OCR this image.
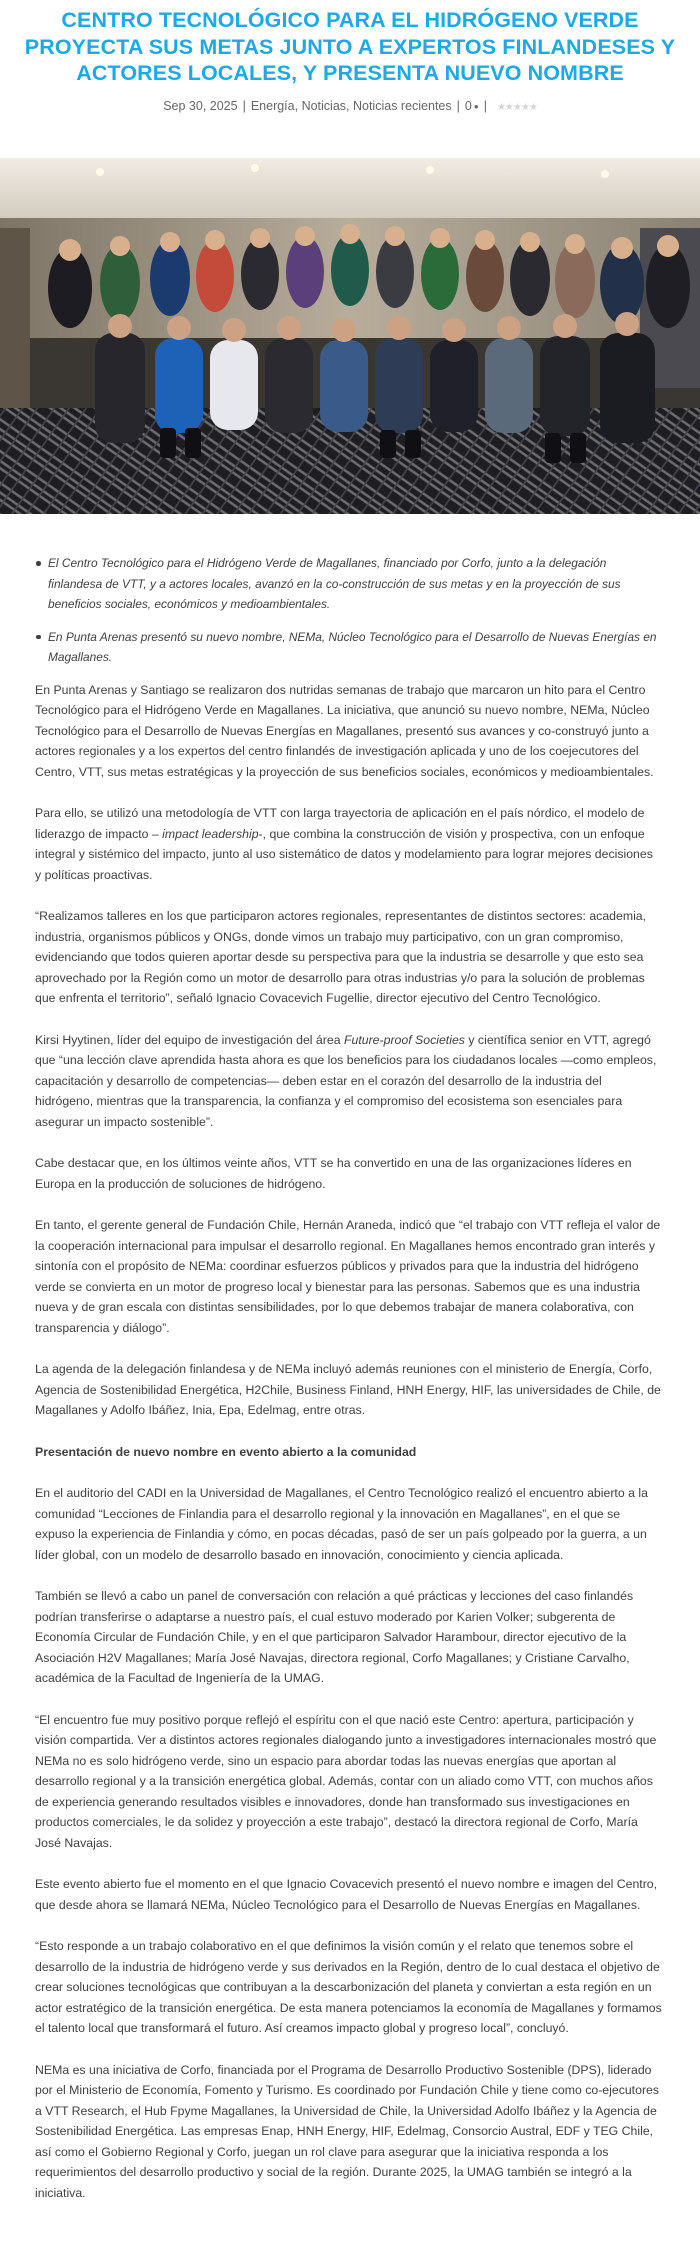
CENTRO TECNOLÓGICO PARA EL HIDRÓGENO VERDE PROYECTA SUS METAS JUNTO A EXPERTOS FINLANDESES Y ACTORES LOCALES, Y PRESENTA NUEVO NOMBRE
Sep 30, 2025 | Energía, Noticias, Noticias recientes | 0 ● | ★★★★★
El Centro Tecnológico para el Hidrógeno Verde de Magallanes, financiado por Corfo, junto a la delegación finlandesa de VTT, y a actores locales, avanzó en la co-construcción de sus metas y en la proyección de sus beneficios sociales, económicos y medioambientales.
En Punta Arenas presentó su nuevo nombre, NEMa, Núcleo Tecnológico para el Desarrollo de Nuevas Energías en Magallanes.

En Punta Arenas y Santiago se realizaron dos nutridas semanas de trabajo que marcaron un hito para el Centro Tecnológico para el Hidrógeno Verde en Magallanes. La iniciativa, que anunció su nuevo nombre, NEMa, Núcleo Tecnológico para el Desarrollo de Nuevas Energías en Magallanes, presentó sus avances y co-construyó junto a actores regionales y a los expertos del centro finlandés de investigación aplicada y uno de los coejecutores del Centro, VTT, sus metas estratégicas y la proyección de sus beneficios sociales, económicos y medioambientales.

Para ello, se utilizó una metodología de VTT con larga trayectoria de aplicación en el país nórdico, el modelo de liderazgo de impacto – impact leadership-, que combina la construcción de visión y prospectiva, con un enfoque integral y sistémico del impacto, junto al uso sistemático de datos y modelamiento para lograr mejores decisiones y políticas proactivas.

“Realizamos talleres en los que participaron actores regionales, representantes de distintos sectores: academia, industria, organismos públicos y ONGs, donde vimos un trabajo muy participativo, con un gran compromiso, evidenciando que todos quieren aportar desde su perspectiva para que la industria se desarrolle y que esto sea aprovechado por la Región como un motor de desarrollo para otras industrias y/o para la solución de problemas que enfrenta el territorio”, señaló Ignacio Covacevich Fugellie, director ejecutivo del Centro Tecnológico.

Kirsi Hyytinen, líder del equipo de investigación del área Future-proof Societies y científica senior en VTT, agregó que “una lección clave aprendida hasta ahora es que los beneficios para los ciudadanos locales —como empleos, capacitación y desarrollo de competencias— deben estar en el corazón del desarrollo de la industria del hidrógeno, mientras que la transparencia, la confianza y el compromiso del ecosistema son esenciales para asegurar un impacto sostenible”.

Cabe destacar que, en los últimos veinte años, VTT se ha convertido en una de las organizaciones líderes en Europa en la producción de soluciones de hidrógeno.

En tanto, el gerente general de Fundación Chile, Hernán Araneda, indicó que “el trabajo con VTT refleja el valor de la cooperación internacional para impulsar el desarrollo regional. En Magallanes hemos encontrado gran interés y sintonía con el propósito de NEMa: coordinar esfuerzos públicos y privados para que la industria del hidrógeno verde se convierta en un motor de progreso local y bienestar para las personas. Sabemos que es una industria nueva y de gran escala con distintas sensibilidades, por lo que debemos trabajar de manera colaborativa, con transparencia y diálogo”.

La agenda de la delegación finlandesa y de NEMa incluyó además reuniones con el ministerio de Energía, Corfo, Agencia de Sostenibilidad Energética, H2Chile, Business Finland, HNH Energy, HIF, las universidades de Chile, de Magallanes y Adolfo Ibáñez, Inia, Epa, Edelmag, entre otras.

Presentación de nuevo nombre en evento abierto a la comunidad

En el auditorio del CADI en la Universidad de Magallanes, el Centro Tecnológico realizó el encuentro abierto a la comunidad “Lecciones de Finlandia para el desarrollo regional y la innovación en Magallanes”, en el que se expuso la experiencia de Finlandia y cómo, en pocas décadas, pasó de ser un país golpeado por la guerra, a un líder global, con un modelo de desarrollo basado en innovación, conocimiento y ciencia aplicada.

También se llevó a cabo un panel de conversación con relación a qué prácticas y lecciones del caso finlandés podrían transferirse o adaptarse a nuestro país, el cual estuvo moderado por Karien Volker; subgerenta de Economía Circular de Fundación Chile, y en el que participaron Salvador Harambour, director ejecutivo de la Asociación H2V Magallanes; María José Navajas, directora regional, Corfo Magallanes; y Cristiane Carvalho, académica de la Facultad de Ingeniería de la UMAG.

“El encuentro fue muy positivo porque reflejó el espíritu con el que nació este Centro: apertura, participación y visión compartida. Ver a distintos actores regionales dialogando junto a investigadores internacionales mostró que NEMa no es solo hidrógeno verde, sino un espacio para abordar todas las nuevas energías que aportan al desarrollo regional y a la transición energética global. Además, contar con un aliado como VTT, con muchos años de experiencia generando resultados visibles e innovadores, donde han transformado sus investigaciones en productos comerciales, le da solidez y proyección a este trabajo”, destacó la directora regional de Corfo, María José Navajas.

Este evento abierto fue el momento en el que Ignacio Covacevich presentó el nuevo nombre e imagen del Centro, que desde ahora se llamará NEMa, Núcleo Tecnológico para el Desarrollo de Nuevas Energías en Magallanes.

“Esto responde a un trabajo colaborativo en el que definimos la visión común y el relato que tenemos sobre el desarrollo de la industria de hidrógeno verde y sus derivados en la Región, dentro de lo cual destaca el objetivo de crear soluciones tecnológicas que contribuyan a la descarbonización del planeta y conviertan a esta región en un actor estratégico de la transición energética. De esta manera potenciamos la economía de Magallanes y formamos el talento local que transformará el futuro. Así creamos impacto global y progreso local”, concluyó.

NEMa es una iniciativa de Corfo, financiada por el Programa de Desarrollo Productivo Sostenible (DPS), liderado por el Ministerio de Economía, Fomento y Turismo. Es coordinado por Fundación Chile y tiene como co-ejecutores a VTT Research, el Hub Fpyme Magallanes, la Universidad de Chile, la Universidad Adolfo Ibáñez y la Agencia de Sostenibilidad Energética. Las empresas Enap, HNH Energy, HIF, Edelmag, Consorcio Austral, EDF y TEG Chile, así como el Gobierno Regional y Corfo, juegan un rol clave para asegurar que la iniciativa responda a los requerimientos del desarrollo productivo y social de la región. Durante 2025, la UMAG también se integró a la iniciativa.
